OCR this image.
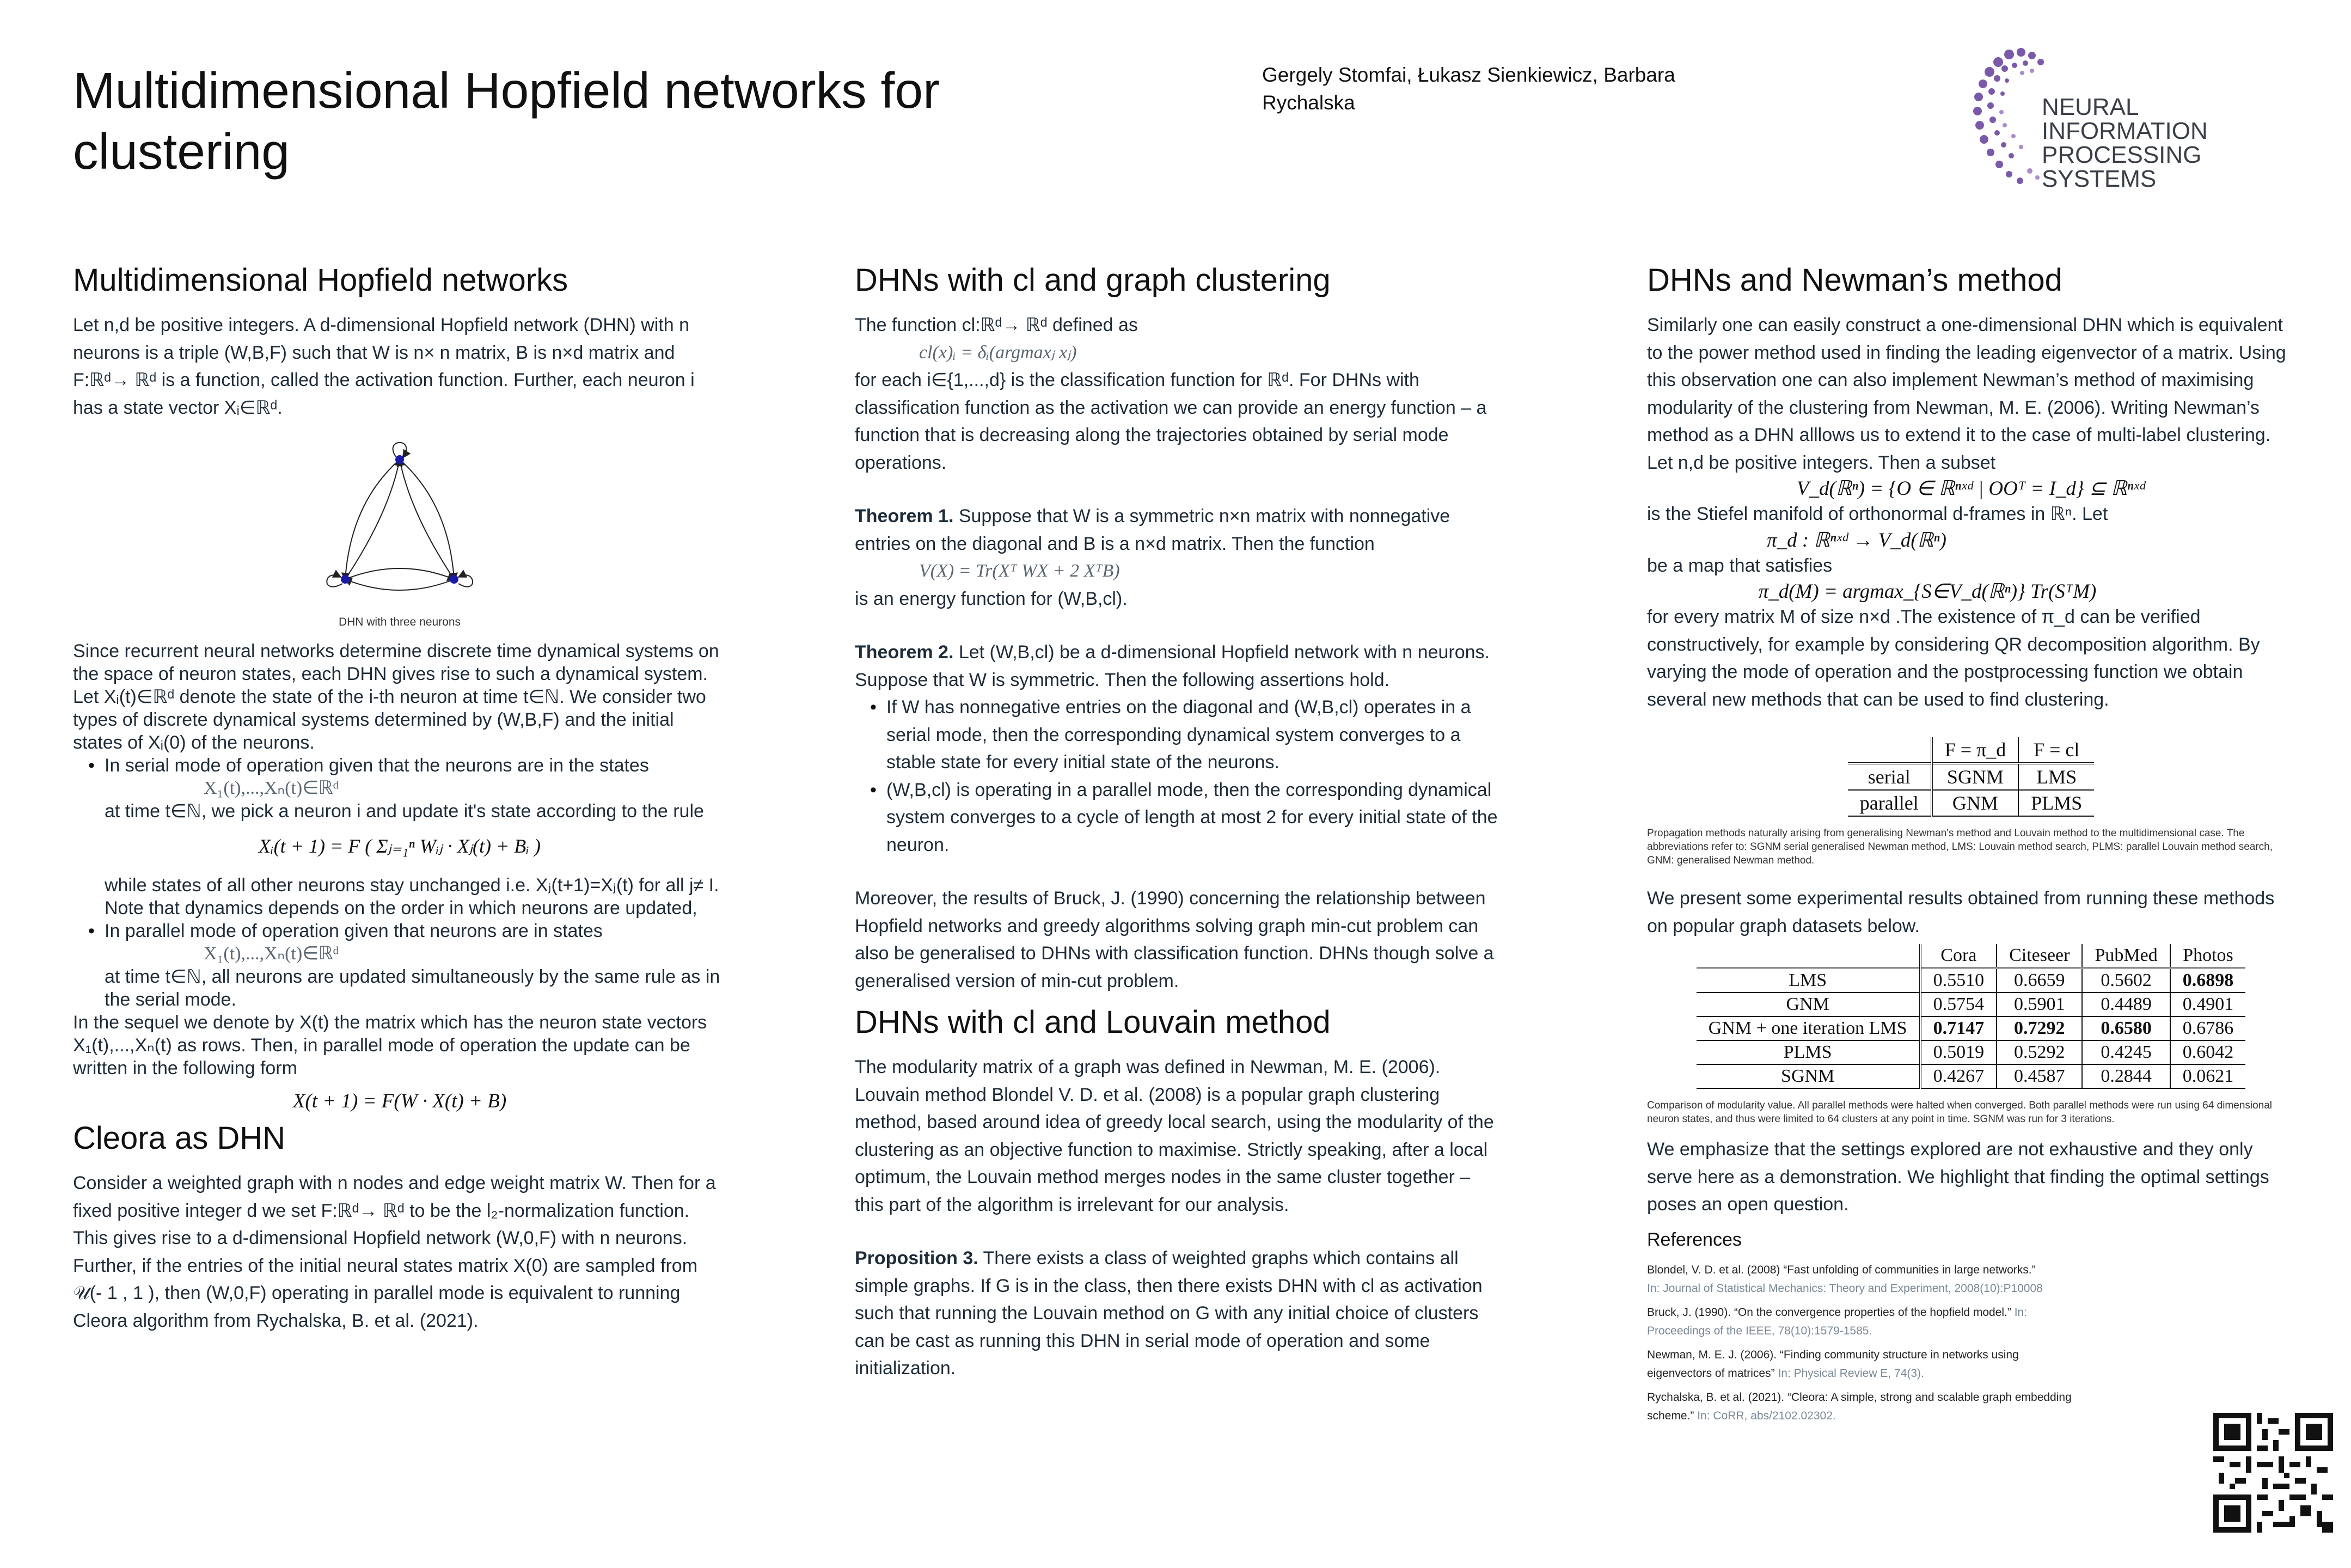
Multidimensional Hopfield networks for clustering
Gergely Stomfai, Łukasz Sienkiewicz, Barbara Rychalska	NEURAL INFORMATION
PROCESSING SYSTEMS
Multidimensional Hopfield networks

Let n,d be positive integers. A d-dimensional Hopfield network (DHN) with n neurons is a triple (W,B,F) such that W is n× n matrix, B is n×d matrix and F:ℝᵈ→ ℝᵈ is a function, called the activation function. Further, each neuron i has a state vector Xᵢ∈ℝᵈ.

DHN with three neurons

Since recurrent neural networks determine discrete time dynamical systems on the space of neuron states, each DHN gives rise to such a dynamical system. Let Xᵢ(t)∈ℝᵈ denote the state of the i-th neuron at time t∈ℕ. We consider two types of discrete dynamical systems determined by (W,B,F) and the initial states of Xᵢ(0) of the neurons.

• In serial mode of operation given that the neurons are in the states

X₁(t),...,Xₙ(t)∈ℝᵈ

at time t∈ℕ, we pick a neuron i and update it's state according to the rule

Xᵢ(t + 1) = F ( Σⱼ₌₁ⁿ Wᵢⱼ · Xⱼ(t) + Bᵢ )

while states of all other neurons stay unchanged i.e. Xⱼ(t+1)=Xⱼ(t) for all j≠ I. Note that dynamics depends on the order in which neurons are updated,

• In parallel mode of operation given that neurons are in states

X₁(t),...,Xₙ(t)∈ℝᵈ

at time t∈ℕ, all neurons are updated simultaneously by the same rule as in the serial mode.

In the sequel we denote by X(t) the matrix which has the neuron state vectors X₁(t),...,Xₙ(t) as rows. Then, in parallel mode of operation the update can be written in the following form

X(t + 1) = F(W · X(t) + B)
Cleora as DHN

Consider a weighted graph with n nodes and edge weight matrix W. Then for a fixed positive integer d we set F:ℝᵈ→ ℝᵈ to be the l₂-normalization function. This gives rise to a d-dimensional Hopfield network (W,0,F) with n neurons. Further, if the entries of the initial neural states matrix X(0) are sampled from 𝒰(- 1 , 1 ), then (W,0,F) operating in parallel mode is equivalent to running Cleora algorithm from Rychalska, B. et al. (2021).

DHNs with cl and graph clustering

The function cl:ℝᵈ→ ℝᵈ defined as

cl(x)ᵢ = δᵢ(argmaxⱼ xⱼ)

for each i∈{1,...,d} is the classification function for ℝᵈ. For DHNs with classification function as the activation we can provide an energy function – a function that is decreasing along the trajectories obtained by serial mode operations.

Theorem 1. Suppose that W is a symmetric n×n matrix with nonnegative entries on the diagonal and B is a n×d matrix. Then the function

V(X) = Tr(Xᵀ WX + 2 XᵀB)

is an energy function for (W,B,cl).

Theorem 2. Let (W,B,cl) be a d-dimensional Hopfield network with n neurons. Suppose that W is symmetric. Then the following assertions hold.

• If W has nonnegative entries on the diagonal and (W,B,cl) operates in a serial mode, then the corresponding dynamical system converges to a stable state for every initial state of the neurons.

• (W,B,cl) is operating in a parallel mode, then the corresponding dynamical system converges to a cycle of length at most 2 for every initial state of the neuron.

Moreover, the results of Bruck, J. (1990) concerning the relationship between Hopfield networks and greedy algorithms solving graph min-cut problem can also be generalised to DHNs with classification function. DHNs though solve a generalised version of min-cut problem.

DHNs with cl and Louvain method

The modularity matrix of a graph was defined in Newman, M. E. (2006). Louvain method Blondel V. D. et al. (2008) is a popular graph clustering method, based around idea of greedy local search, using the modularity of the clustering as an objective function to maximise. Strictly speaking, after a local optimum, the Louvain method merges nodes in the same cluster together – this part of the algorithm is irrelevant for our analysis.

Proposition 3. There exists a class of weighted graphs which contains all simple graphs. If G is in the class, then there exists DHN with cl as activation such that running the Louvain method on G with any initial choice of clusters can be cast as running this DHN in serial mode of operation and some initialization.

DHNs and Newman’s method

Similarly one can easily construct a one-dimensional DHN which is equivalent to the power method used in finding the leading eigenvector of a matrix. Using this observation one can also implement Newman’s method of maximising modularity of the clustering from Newman, M. E. (2006). Writing Newman’s method as a DHN alllows us to extend it to the case of multi-label clustering. Let n,d be positive integers. Then a subset

V_d(ℝⁿ) = {O ∈ ℝⁿˣᵈ | OOᵀ = I_d} ⊆ ℝⁿˣᵈ

is the Stiefel manifold of orthonormal d-frames in ℝⁿ. Let

π_d : ℝⁿˣᵈ → V_d(ℝⁿ)

be a map that satisfies

π_d(M) = argmax_{S∈V_d(ℝⁿ)} Tr(SᵀM)

for every matrix M of size n×d .The existence of π_d can be verified constructively, for example by considering QR decomposition algorithm. By varying the mode of operation and the postprocessing function we obtain several new methods that can be used to find clustering.

	F = π_d	F = cl
serial	SGNM	LMS
parallel	GNM	PLMS

Propagation methods naturally arising from generalising Newman's method and Louvain method to the multidimensional case. The abbreviations refer to: SGNM serial generalised Newman method, LMS: Louvain method search, PLMS: parallel Louvain method search, GNM: generalised Newman method.

We present some experimental results obtained from running these methods on popular graph datasets below.

	Cora	Citeseer	PubMed	Photos
LMS	0.5510	0.6659	0.5602	0.6898
GNM	0.5754	0.5901	0.4489	0.4901
GNM + one iteration LMS	0.7147	0.7292	0.6580	0.6786
PLMS	0.5019	0.5292	0.4245	0.6042
SGNM	0.4267	0.4587	0.2844	0.0621

Comparison of modularity value. All parallel methods were halted when converged. Both parallel methods were run using 64 dimensional neuron states, and thus were limited to 64 clusters at any point in time. SGNM was run for 3 iterations.

We emphasize that the settings explored are not exhaustive and they only serve here as a demonstration. We highlight that finding the optimal settings poses an open question.

References

Blondel, V. D. et al. (2008) “Fast unfolding of communities in large networks.”
In: Journal of Statistical Mechanics: Theory and Experiment, 2008(10):P10008

Bruck, J. (1990). “On the convergence properties of the hopfield model.” In: Proceedings of the IEEE, 78(10):1579-1585.

Newman, M. E. J. (2006). “Finding community structure in networks using eigenvectors of matrices” In: Physical Review E, 74(3).

Rychalska, B. et al. (2021). “Cleora: A simple, strong and scalable graph embedding scheme.” In: CoRR, abs/2102.02302.
